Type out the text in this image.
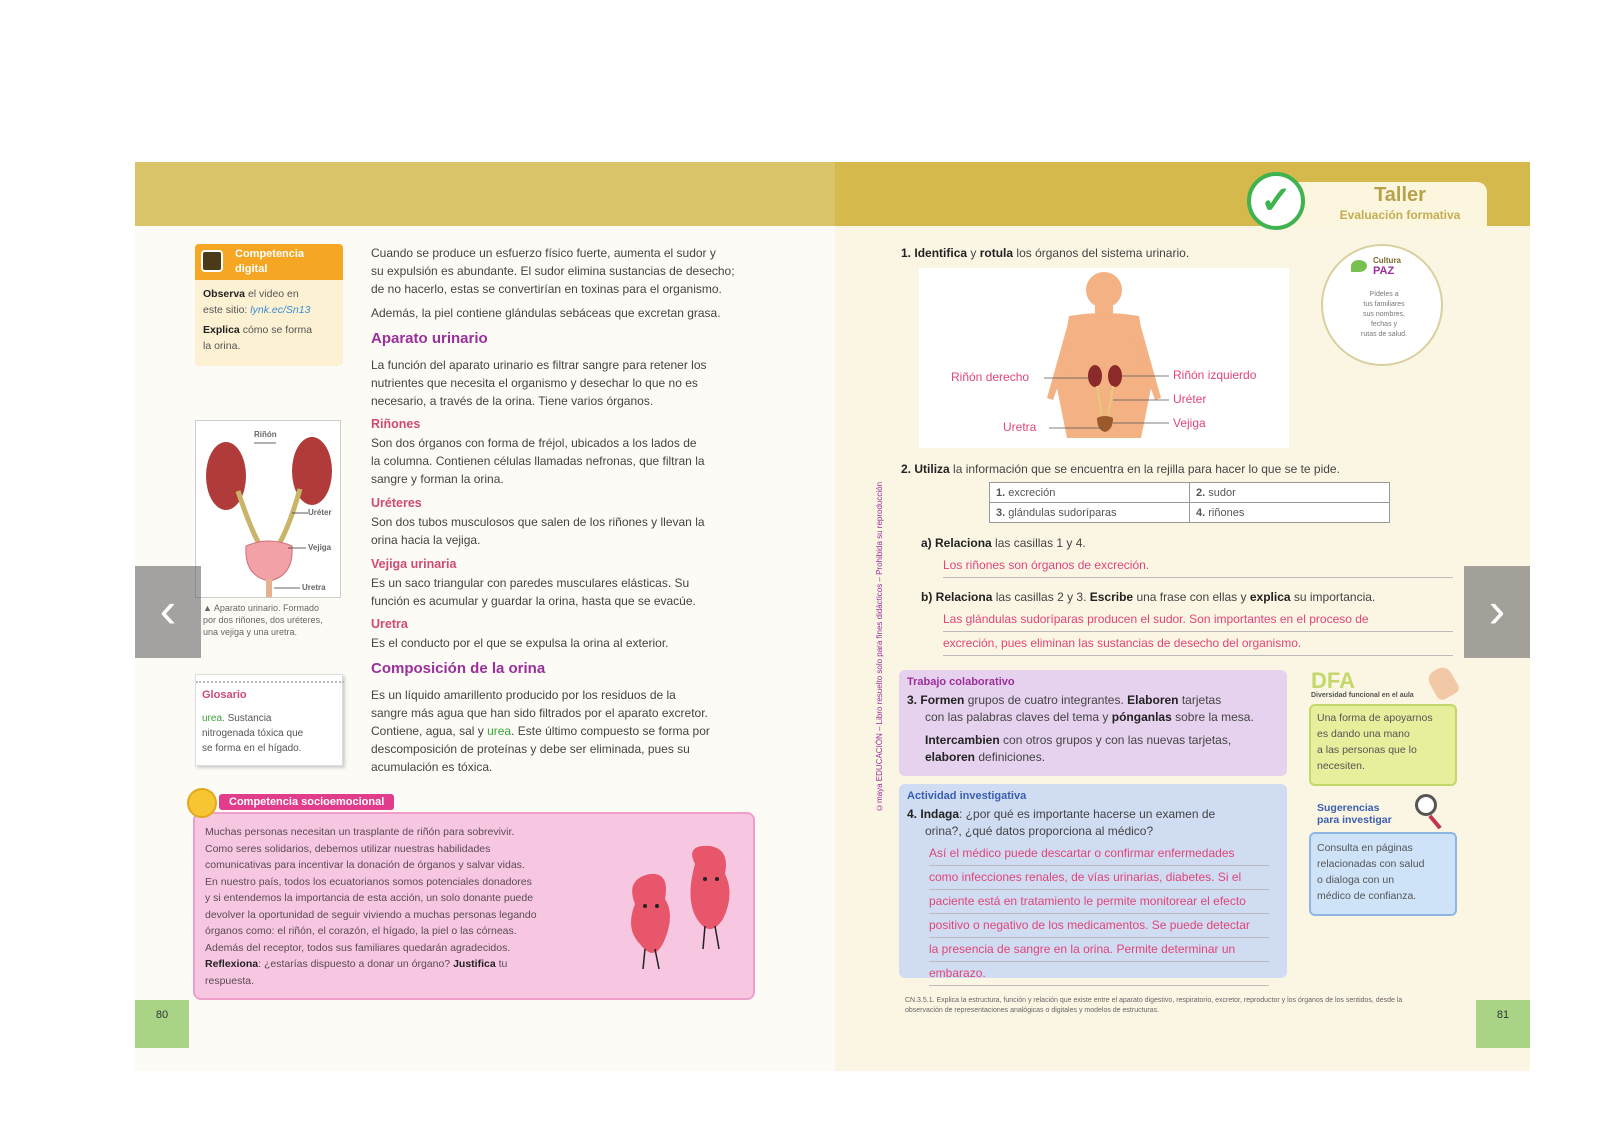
Competencia
digital
Observa el video en
este sitio: lynk.ec/Sn13
Explica cómo se forma
la orina.
Cuando se produce un esfuerzo físico fuerte, aumenta el sudor y
su expulsión es abundante. El sudor elimina sustancias de desecho;
de no hacerlo, estas se convertirían en toxinas para el organismo.
Además, la piel contiene glándulas sebáceas que excretan grasa.
Aparato urinario
La función del aparato urinario es filtrar sangre para retener los
nutrientes que necesita el organismo y desechar lo que no es
necesario, a través de la orina. Tiene varios órganos.
Riñones
Son dos órganos con forma de fréjol, ubicados a los lados de
la columna. Contienen células llamadas nefronas, que filtran la
sangre y forman la orina.
Uréteres
Son dos tubos musculosos que salen de los riñones y llevan la
orina hacia la vejiga.
Vejiga urinaria
Es un saco triangular con paredes musculares elásticas. Su
función es acumular y guardar la orina, hasta que se evacúe.
Uretra
Es el conducto por el que se expulsa la orina al exterior.
Composición de la orina
Es un líquido amarillento producido por los residuos de la
sangre más agua que han sido filtrados por el aparato excretor.
Contiene, agua, sal y urea. Este último compuesto se forma por
descomposición de proteínas y debe ser eliminada, pues su
acumulación es tóxica.
Riñón
Uréter
Vejiga
Uretra
▲ Aparato urinario. Formado
por dos riñones, dos uréteres,
una vejiga y una uretra.
Glosario
urea. Sustancia
nitrogenada tóxica que
se forma en el hígado.
Muchas personas necesitan un trasplante de riñón para sobrevivir.
Como seres solidarios, debemos utilizar nuestras habilidades
comunicativas para incentivar la donación de órganos y salvar vidas.
En nuestro país, todos los ecuatorianos somos potenciales donadores
y si entendemos la importancia de esta acción, un solo donante puede
devolver la oportunidad de seguir viviendo a muchas personas legando
órganos como: el riñón, el corazón, el hígado, la piel o las córneas.
Además del receptor, todos sus familiares quedarán agradecidos.
Reflexiona: ¿estarías dispuesto a donar un órgano? Justifica tu
respuesta.
Competencia socioemocional
80
✓	Taller
Evaluación formativa
©maya EDUCACIÓN – Libro resuelto solo para fines didácticos – Prohibida su reproducción
1. Identifica y rotula los órganos del sistema urinario.
Riñón derecho	Riñón izquierdo
Uréter
Uretra	Vejiga
Cultura
PAZ
Pídeles a
tus familiares
sus nombres,
fechas y
rutas de salud.
2. Utiliza la información que se encuentra en la rejilla para hacer lo que se te pide.
1. excreción	2. sudor
3. glándulas sudoríparas	4. riñones
a) Relaciona las casillas 1 y 4.
Los riñones son órganos de excreción.
b) Relaciona las casillas 2 y 3. Escribe una frase con ellas y explica su importancia.
Las glándulas sudoríparas producen el sudor. Son importantes en el proceso de
excreción, pues eliminan las sustancias de desecho del organismo.
Trabajo colaborativo
3. Formen grupos de cuatro integrantes. Elaboren tarjetas
con las palabras claves del tema y pónganlas sobre la mesa.
Intercambien con otros grupos y con las nuevas tarjetas,
elaboren definiciones.
Actividad investigativa
4. Indaga: ¿por qué es importante hacerse un examen de
orina?, ¿qué datos proporciona al médico?
Así el médico puede descartar o confirmar enfermedades
como infecciones renales, de vías urinarias, diabetes. Si el
paciente está en tratamiento le permite monitorear el efecto
positivo o negativo de los medicamentos. Se puede detectar
la presencia de sangre en la orina. Permite determinar un
embarazo.
DFA
Diversidad funcional en el aula
Una forma de apoyarnos
es dando una mano
a las personas que lo
necesiten.
Sugerencias
para investigar
Consulta en páginas
relacionadas con salud
o dialoga con un
médico de confianza.
CN.3.5.1. Explica la estructura, función y relación que existe entre el aparato digestivo, respiratorio, excretor, reproductor y los órganos de los sentidos, desde la
observación de representaciones analógicas o digitales y modelos de estructuras.	81
‹	›
